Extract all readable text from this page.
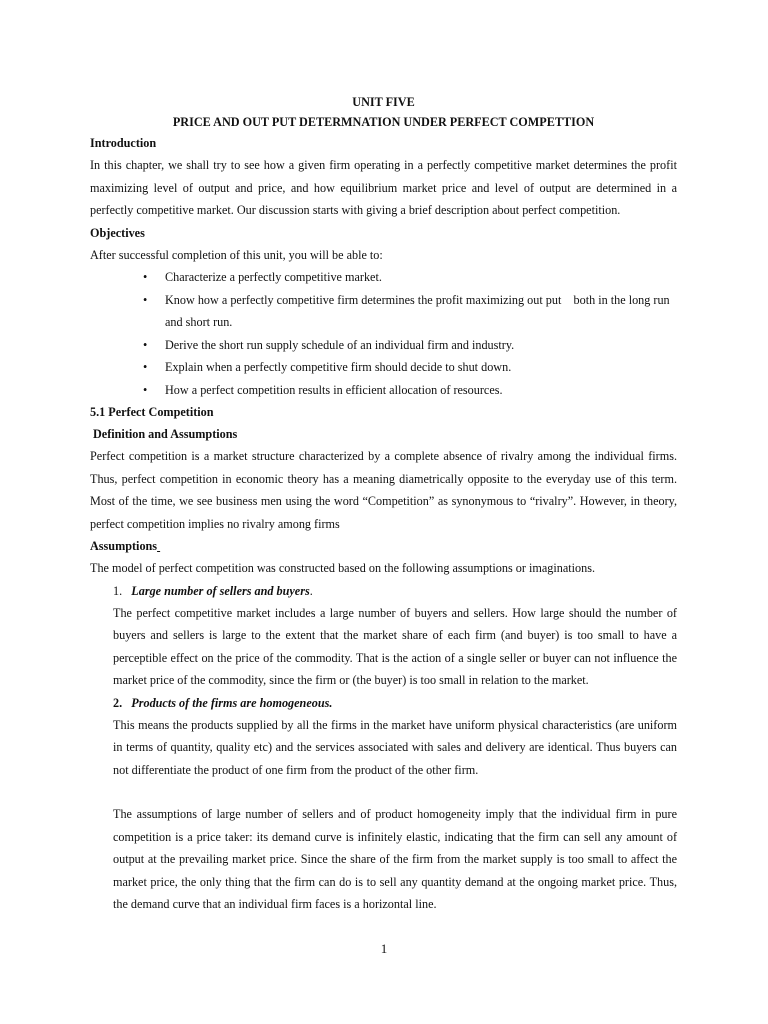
UNIT FIVE
PRICE AND OUT PUT DETERMNATION UNDER PERFECT COMPETTION
Introduction

In this chapter, we shall try to see how a given firm operating in a perfectly competitive market determines the profit maximizing level of output and price, and how equilibrium market price and level of output are determined in a perfectly competitive market. Our discussion starts with giving a brief description about perfect competition.

Objectives

After successful completion of this unit, you will be able to:

• Characterize a perfectly competitive market.
• Know how a perfectly competitive firm determines the profit maximizing out put    both in the long run and short run.
• Derive the short run supply schedule of an individual firm and industry.
• Explain when a perfectly competitive firm should decide to shut down.
• How a perfect competition results in efficient allocation of resources.
5.1 Perfect Competition
Definition and Assumptions

Perfect competition is a market structure characterized by a complete absence of rivalry among the individual firms. Thus, perfect competition in economic theory has a meaning diametrically opposite to the everyday use of this term. Most of the time, we see business men using the word “Competition” as synonymous to “rivalry”. However, in theory, perfect competition implies no rivalry among firms

Assumptions

The model of perfect competition was constructed based on the following assumptions or imaginations.

1. Large number of sellers and buyers.

The perfect competitive market includes a large number of buyers and sellers. How large should the number of buyers and sellers is large to the extent that the market share of each firm (and buyer) is too small to have a perceptible effect on the price of the commodity. That is the action of a single seller or buyer can not influence the market price of the commodity, since the firm or (the buyer) is too small in relation to the market.

2. Products of the firms are homogeneous.

This means the products supplied by all the firms in the market have uniform physical characteristics (are uniform in terms of quantity, quality etc) and the services associated with sales and delivery are identical. Thus buyers can not differentiate the product of one firm from the product of the other firm.

The assumptions of large number of sellers and of product homogeneity imply that the individual firm in pure competition is a price taker: its demand curve is infinitely elastic, indicating that the firm can sell any amount of output at the prevailing market price. Since the share of the firm from the market supply is too small to affect the market price, the only thing that the firm can do is to sell any quantity demand at the ongoing market price. Thus, the demand curve that an individual firm faces is a horizontal line.

1
